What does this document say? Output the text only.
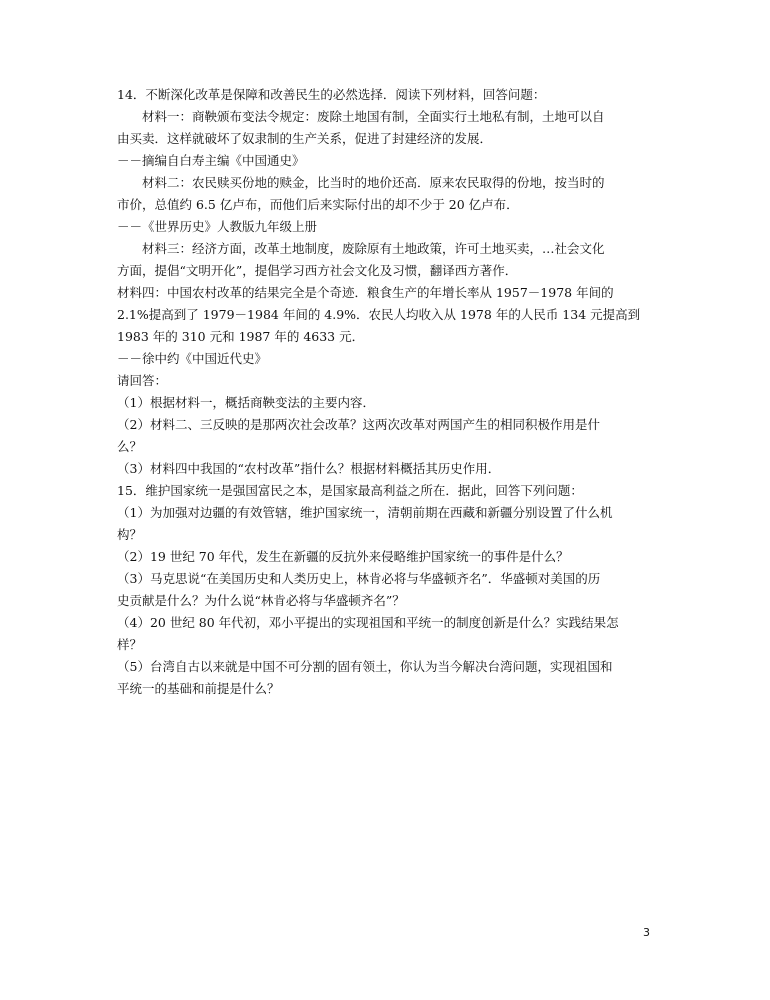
14．不断深化改革是保障和改善民生的必然选择．阅读下列材料，回答问题：
材料一：商鞅颁布变法令规定：废除土地国有制，全面实行土地私有制，土地可以自
由买卖．这样就破坏了奴隶制的生产关系，促进了封建经济的发展．
－－摘编自白寿主编《中国通史》
材料二：农民赎买份地的赎金，比当时的地价还高．原来农民取得的份地，按当时的
市价，总值约 6.5 亿卢布，而他们后来实际付出的却不少于 20 亿卢布．
－－《世界历史》人教版九年级上册
材料三：经济方面，改革土地制度，废除原有土地政策，许可土地买卖，…社会文化
方面，提倡“文明开化”，提倡学习西方社会文化及习惯，翻译西方著作．
材料四：中国农村改革的结果完全是个奇迹．粮食生产的年增长率从 1957－1978 年间的
2.1%提高到了 1979－1984 年间的 4.9%．农民人均收入从 1978 年的人民币 134 元提高到
1983 年的 310 元和 1987 年的 4633 元．
－－徐中约《中国近代史》
请回答：
（1）根据材料一，概括商鞅变法的主要内容．
（2）材料二、三反映的是那两次社会改革？这两次改革对两国产生的相同积极作用是什
么？
（3）材料四中我国的“农村改革”指什么？根据材料概括其历史作用．
15．维护国家统一是强国富民之本，是国家最高利益之所在．据此，回答下列问题：
（1）为加强对边疆的有效管辖，维护国家统一，清朝前期在西藏和新疆分别设置了什么机
构？
（2）19 世纪 70 年代，发生在新疆的反抗外来侵略维护国家统一的事件是什么？
（3）马克思说“在美国历史和人类历史上，林肯必将与华盛顿齐名”．华盛顿对美国的历
史贡献是什么？为什么说“林肯必将与华盛顿齐名”？
（4）20 世纪 80 年代初，邓小平提出的实现祖国和平统一的制度创新是什么？实践结果怎
样？
（5）台湾自古以来就是中国不可分割的固有领土，你认为当今解决台湾问题，实现祖国和
平统一的基础和前提是什么？
3
